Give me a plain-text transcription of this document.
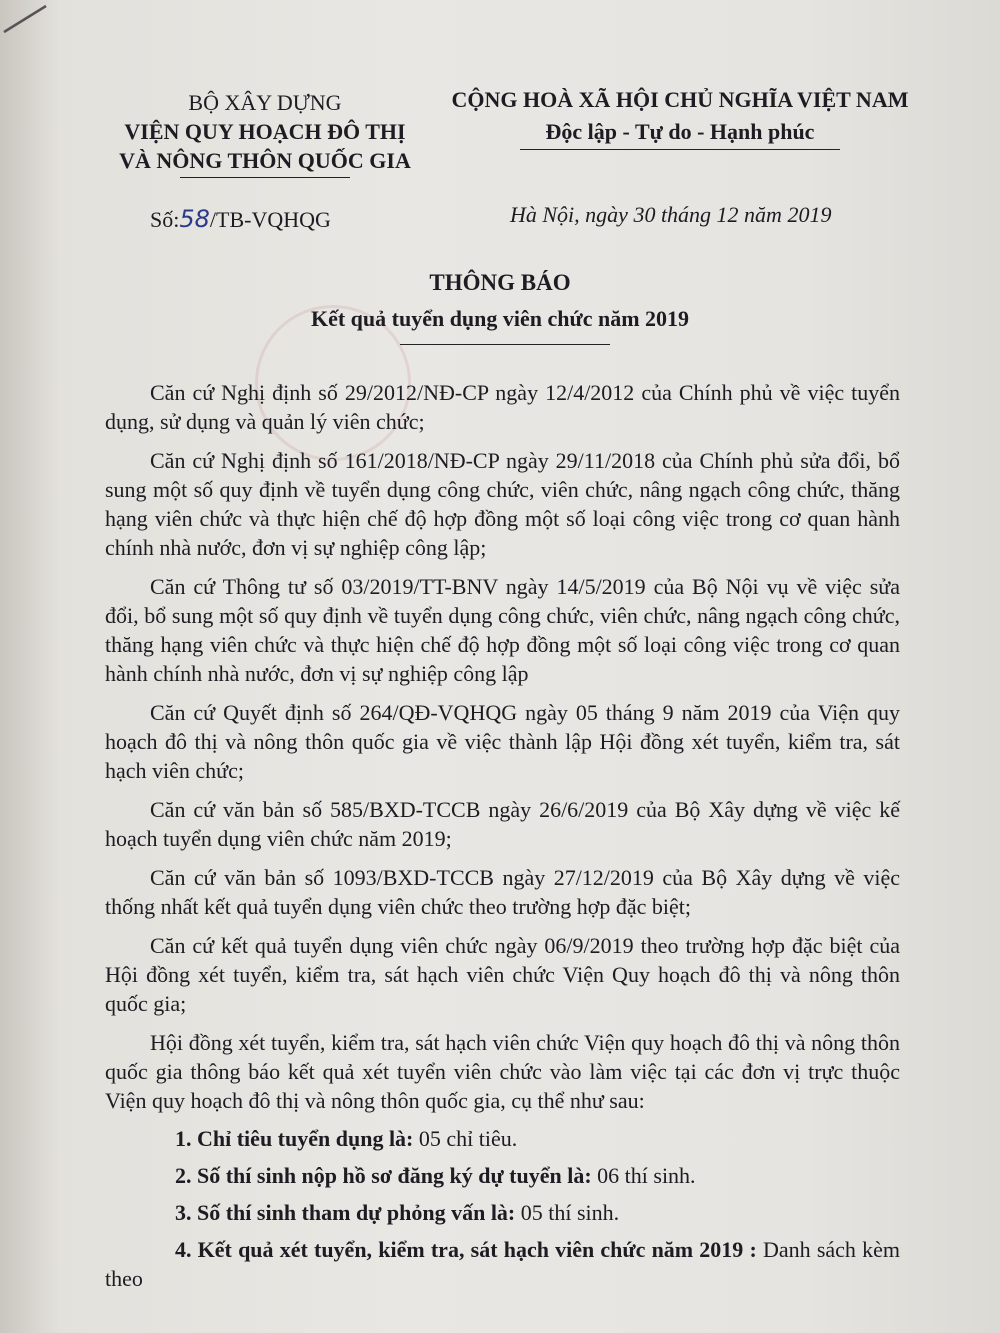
BỘ XÂY DỰNG
VIỆN QUY HOẠCH ĐÔ THỊ
VÀ NÔNG THÔN QUỐC GIA
CỘNG HOÀ XÃ HỘI CHỦ NGHĨA VIỆT NAM
Độc lập - Tự do - Hạnh phúc
Số:58/TB-VQHQG	Hà Nội, ngày 30 tháng 12 năm 2019
THÔNG BÁO
Kết quả tuyển dụng viên chức năm 2019

Căn cứ Nghị định số 29/2012/NĐ-CP ngày 12/4/2012 của Chính phủ về việc tuyển dụng, sử dụng và quản lý viên chức;

Căn cứ Nghị định số 161/2018/NĐ-CP ngày 29/11/2018 của Chính phủ sửa đổi, bổ sung một số quy định về tuyển dụng công chức, viên chức, nâng ngạch công chức, thăng hạng viên chức và thực hiện chế độ hợp đồng một số loại công việc trong cơ quan hành chính nhà nước, đơn vị sự nghiệp công lập;

Căn cứ Thông tư số 03/2019/TT-BNV ngày 14/5/2019 của Bộ Nội vụ về việc sửa đổi, bổ sung một số quy định về tuyển dụng công chức, viên chức, nâng ngạch công chức, thăng hạng viên chức và thực hiện chế độ hợp đồng một số loại công việc trong cơ quan hành chính nhà nước, đơn vị sự nghiệp công lập

Căn cứ Quyết định số 264/QĐ-VQHQG ngày 05 tháng 9 năm 2019 của Viện quy hoạch đô thị và nông thôn quốc gia về việc thành lập Hội đồng xét tuyển, kiểm tra, sát hạch viên chức;

Căn cứ văn bản số 585/BXD-TCCB ngày 26/6/2019 của Bộ Xây dựng về việc kế hoạch tuyển dụng viên chức năm 2019;

Căn cứ văn bản số 1093/BXD-TCCB ngày 27/12/2019 của Bộ Xây dựng về việc thống nhất kết quả tuyển dụng viên chức theo trường hợp đặc biệt;

Căn cứ kết quả tuyển dụng viên chức ngày 06/9/2019 theo trường hợp đặc biệt của Hội đồng xét tuyển, kiểm tra, sát hạch viên chức Viện Quy hoạch đô thị và nông thôn quốc gia;

Hội đồng xét tuyển, kiểm tra, sát hạch viên chức Viện quy hoạch đô thị và nông thôn quốc gia thông báo kết quả xét tuyển viên chức vào làm việc tại các đơn vị trực thuộc Viện quy hoạch đô thị và nông thôn quốc gia, cụ thể như sau:

1. Chỉ tiêu tuyển dụng là: 05 chỉ tiêu.

2. Số thí sinh nộp hồ sơ đăng ký dự tuyển là: 06 thí sinh.

3. Số thí sinh tham dự phỏng vấn là: 05 thí sinh.

4. Kết quả xét tuyển, kiểm tra, sát hạch viên chức năm 2019 : Danh sách kèm theo
